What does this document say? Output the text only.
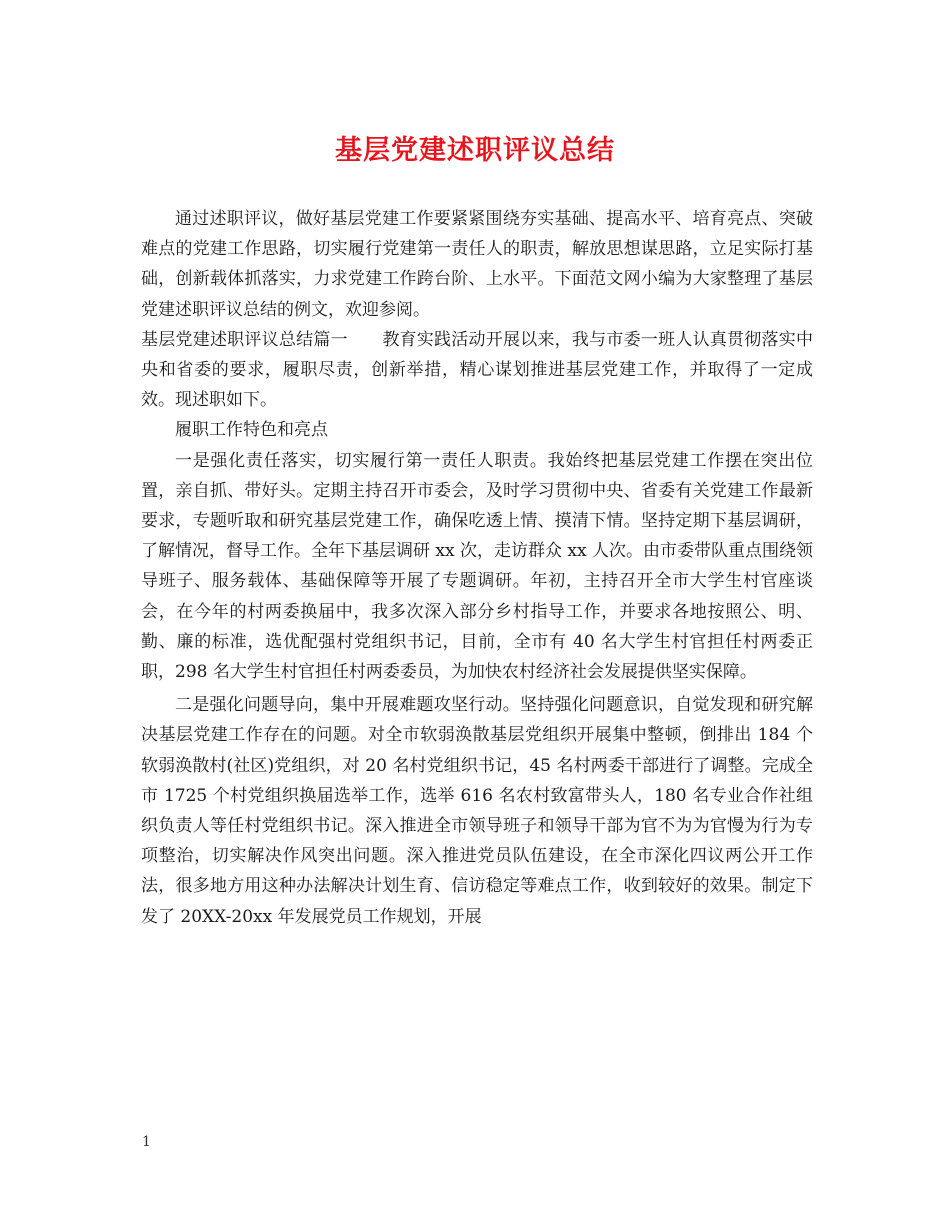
基层党建述职评议总结

通过述职评议，做好基层党建工作要紧紧围绕夯实基础、提高水平、培育亮点、突破难点的党建工作思路，切实履行党建第一责任人的职责，解放思想谋思路，立足实际打基础，创新载体抓落实，力求党建工作跨台阶、上水平。下面范文网小编为大家整理了基层党建述职评议总结的例文，欢迎参阅。

基层党建述职评议总结篇一　　教育实践活动开展以来，我与市委一班人认真贯彻落实中央和省委的要求，履职尽责，创新举措，精心谋划推进基层党建工作，并取得了一定成效。现述职如下。

履职工作特色和亮点

一是强化责任落实，切实履行第一责任人职责。我始终把基层党建工作摆在突出位置，亲自抓、带好头。定期主持召开市委会，及时学习贯彻中央、省委有关党建工作最新要求，专题听取和研究基层党建工作，确保吃透上情、摸清下情。坚持定期下基层调研，了解情况，督导工作。全年下基层调研 xx 次，走访群众 xx 人次。由市委带队重点围绕领导班子、服务载体、基础保障等开展了专题调研。年初，主持召开全市大学生村官座谈会，在今年的村两委换届中，我多次深入部分乡村指导工作，并要求各地按照公、明、勤、廉的标准，选优配强村党组织书记，目前，全市有 40 名大学生村官担任村两委正职，298 名大学生村官担任村两委委员，为加快农村经济社会发展提供坚实保障。

二是强化问题导向，集中开展难题攻坚行动。坚持强化问题意识，自觉发现和研究解决基层党建工作存在的问题。对全市软弱涣散基层党组织开展集中整顿，倒排出 184 个软弱涣散村(社区)党组织，对 20 名村党组织书记，45 名村两委干部进行了调整。完成全市 1725 个村党组织换届选举工作，选举 616 名农村致富带头人，180 名专业合作社组织负责人等任村党组织书记。深入推进全市领导班子和领导干部为官不为为官慢为行为专项整治，切实解决作风突出问题。深入推进党员队伍建设，在全市深化四议两公开工作法，很多地方用这种办法解决计划生育、信访稳定等难点工作，收到较好的效果。制定下发了 20XX-20xx 年发展党员工作规划，开展

1
